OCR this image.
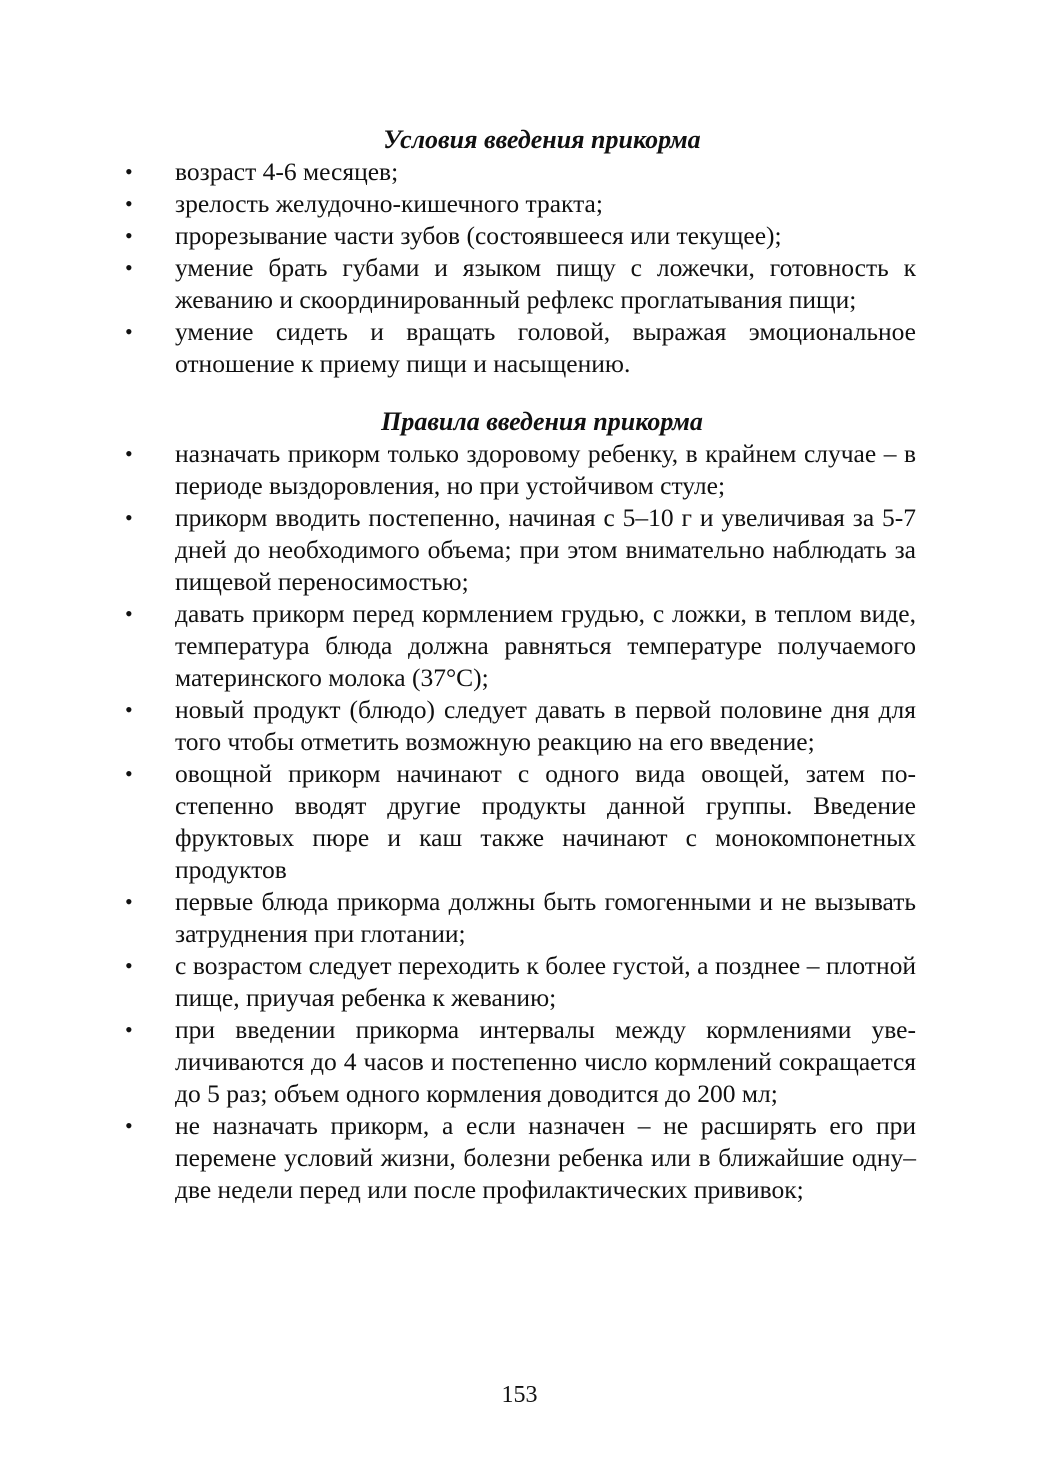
Условия введения прикорма
• возраст 4-6 месяцев;
• зрелость желудочно-кишечного тракта;
• прорезывание части зубов (состоявшееся или текущее);
• умение брать губами и языком пищу с ложечки, готовность к жеванию и скоординированный рефлекс проглатывания пищи;
• умение сидеть и вращать головой, выражая эмоциональное отношение к приему пищи и насыщению.
Правила введения прикорма
• назначать прикорм только здоровому ребенку, в крайнем случае – в периоде выздоровления, но при устойчивом стуле;
• прикорм вводить постепенно, начиная с 5–10 г и увеличивая за 5-7 дней до необходимого объема; при этом внимательно наблюдать за пищевой переносимостью;
• давать прикорм перед кормлением грудью, с ложки, в теплом виде, температура блюда должна равняться температуре получаемого материнского молока (37°С);
• новый продукт (блюдо) следует давать в первой половине дня для того чтобы отметить возможную реакцию на его введение;
• овощной прикорм начинают с одного вида овощей, затем постепенно вводят другие продукты данной группы. Введение фруктовых пюре и каш также начинают с монокомпонетных продуктов
• первые блюда прикорма должны быть гомогенными и не вызывать затруднения при глотании;
• с возрастом следует переходить к более густой, а позднее – плотной пище, приучая ребенка к жеванию;
• при введении прикорма интервалы между кормлениями увеличиваются до 4 часов и постепенно число кормлений сокращается до 5 раз; объем одного кормления доводится до 200 мл;
• не назначать прикорм, а если назначен – не расширять его при перемене условий жизни, болезни ребенка или в ближайшие одну–две недели перед или после профилактических прививок;
153
